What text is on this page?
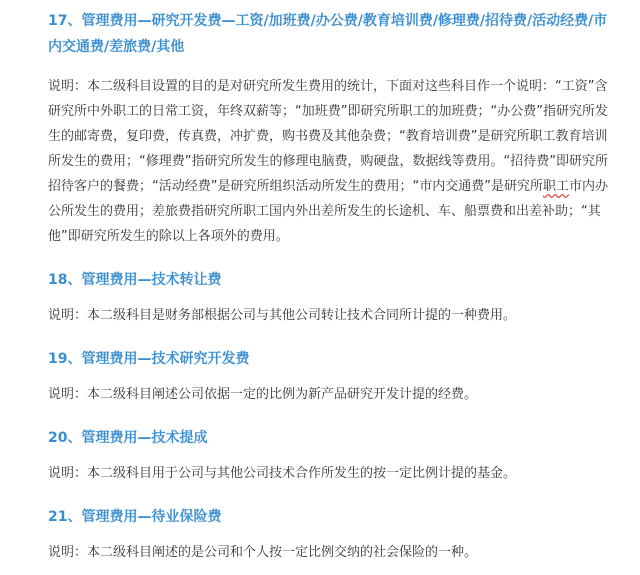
17、管理费用—研究开发费—工资/加班费/办公费/教育培训费/修理费/招待费/活动经费/市内交通费/差旅费/其他

说明：本二级科目设置的目的是对研究所发生费用的统计，下面对这些科目作一个说明：“工资”含研究所中外职工的日常工资，年终双薪等；“加班费”即研究所职工的加班费；“办公费”指研究所发生的邮寄费，复印费，传真费，冲扩费，购书费及其他杂费；“教育培训费”是研究所职工教育培训所发生的费用；“修理费”指研究所发生的修理电脑费，购硬盘，数据线等费用。“招待费”即研究所招待客户的餐费；“活动经费”是研究所组织活动所发生的费用；“市内交通费”是研究所职工市内办公所发生的费用；差旅费指研究所职工国内外出差所发生的长途机、车、船票费和出差补助；“其他”即研究所发生的除以上各项外的费用。

18、管理费用—技术转让费

说明：本二级科目是财务部根据公司与其他公司转让技术合同所计提的一种费用。

19、管理费用—技术研究开发费

说明：本二级科目阐述公司依据一定的比例为新产品研究开发计提的经费。

20、管理费用—技术提成

说明：本二级科目用于公司与其他公司技术合作所发生的按一定比例计提的基金。

21、管理费用—待业保险费

说明：本二级科目阐述的是公司和个人按一定比例交纳的社会保险的一种。
